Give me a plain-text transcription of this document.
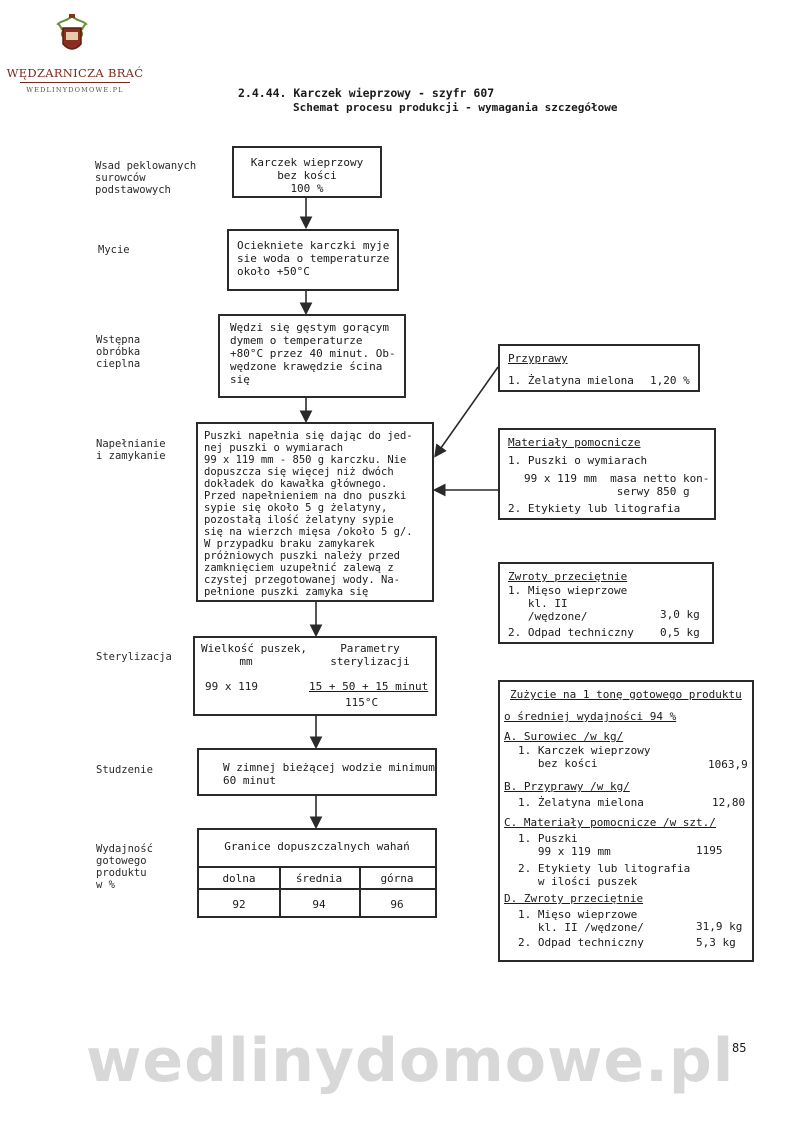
WĘDZARNICZA BRAĆ
WEDLINYDOMOWE.PL	2.4.44. Karczek wieprzowy - szyfr 607
Schemat procesu produkcji - wymagania szczegółowe
Wsad peklowanych
surowców
podstawowych
Karczek wieprzowy
bez kości
100 %
Mycie	Ociekniete karczki myje
sie woda o temperaturze
około +50°C
Wstępna
obróbka
cieplna
Wędzi się gęstym gorącym
dymem o temperaturze
+80°C przez 40 minut. Ob-
wędzone krawędzie ścina
się
Napełnianie
i zamykanie
Puszki napełnia się dając do jed-
nej puszki o wymiarach
99 x 119 mm - 850 g karczku. Nie
dopuszcza się więcej niż dwóch
dokładek do kawałka głównego.
Przed napełnieniem na dno puszki
sypie się około 5 g żelatyny,
pozostałą ilość żelatyny sypie
się na wierzch mięsa /około 5 g/.
W przypadku braku zamykarek
próżniowych puszki należy przed
zamknięciem uzupełnić zalewą z
czystej przegotowanej wody. Na-
pełnione puszki zamyka się
Sterylizacja
Wielkość puszek,
mm
Parametry
sterylizacji
99 x 119	15 + 50 + 15 minut
115°C
Studzenie	W zimnej bieżącej wodzie minimum
60 minut
Wydajność
gotowego
produktu
w %
Granice dopuszczalnych wahań
dolna	średnia	górna
92	94	96
Przyprawy
1. Żelatyna mielona 1,20 %
Materiały pomocnicze
1. Puszki o wymiarach
99 x 119 mm  masa netto kon-
serwy 850 g
2. Etykiety lub litografia
Zwroty przeciętnie
1. Mięso wieprzowe
kl. II
/wędzone/	3,0 kg
2. Odpad techniczny 0,5 kg
Zużycie na 1 tonę gotowego produktu
o średniej wydajności 94 %
A. Surowiec /w kg/
1. Karczek wieprzowy
bez kości	1063,9
B. Przyprawy /w kg/
1. Żelatyna mielona	12,80
C. Materiały pomocnicze /w szt./
1. Puszki
99 x 119 mm	1195
2. Etykiety lub litografia
w ilości puszek
D. Zwroty przeciętnie
1. Mięso wieprzowe
kl. II /wędzone/	31,9 kg
2. Odpad techniczny	5,3 kg
wedlinydomowe.pl
85
